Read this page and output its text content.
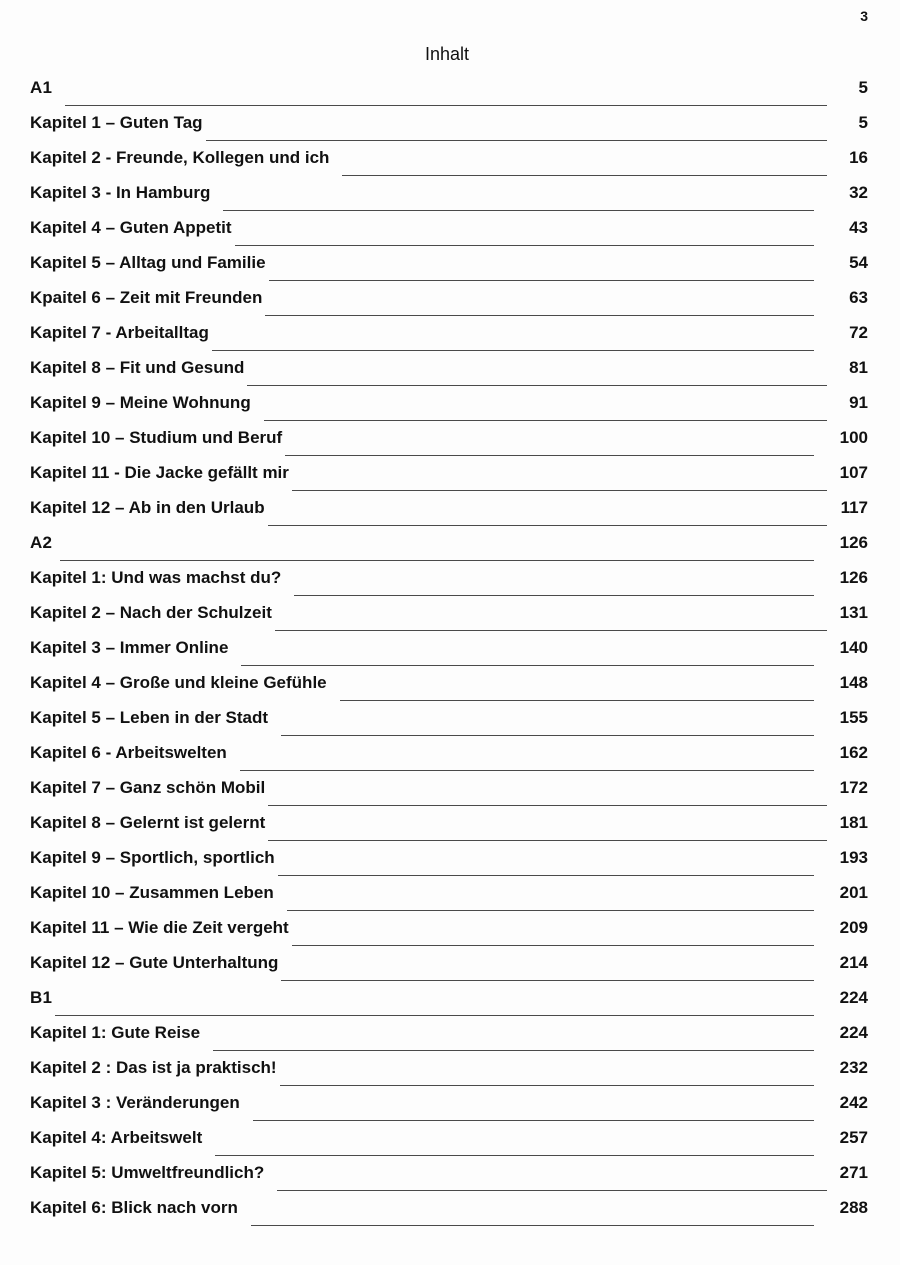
3
Inhalt
A1	5
Kapitel 1 – Guten Tag	5
Kapitel 2 - Freunde, Kollegen und ich	16
Kapitel 3 - In Hamburg	32
Kapitel 4 – Guten Appetit	43
Kapitel 5 – Alltag und Familie	54
Kpaitel 6 – Zeit mit Freunden	63
Kapitel 7 - Arbeitalltag	72
Kapitel 8 – Fit und Gesund	81
Kapitel 9 – Meine Wohnung	91
Kapitel 10 – Studium und Beruf	100
Kapitel 11 - Die Jacke gefällt mir	107
Kapitel 12 – Ab in den Urlaub	117
A2	126
Kapitel 1: Und was machst du?	126
Kapitel 2 – Nach der Schulzeit	131
Kapitel 3 – Immer Online	140
Kapitel 4 – Große und kleine Gefühle	148
Kapitel 5 – Leben in der Stadt	155
Kapitel 6 - Arbeitswelten	162
Kapitel 7 – Ganz schön Mobil	172
Kapitel 8 – Gelernt ist gelernt	181
Kapitel 9 – Sportlich, sportlich	193
Kapitel 10 – Zusammen Leben	201
Kapitel 11 – Wie die Zeit vergeht	209
Kapitel 12 – Gute Unterhaltung	214
B1	224
Kapitel 1: Gute Reise	224
Kapitel 2 : Das ist ja praktisch!	232
Kapitel 3 : Veränderungen	242
Kapitel 4: Arbeitswelt	257
Kapitel 5: Umweltfreundlich?	271
Kapitel 6: Blick nach vorn	288
